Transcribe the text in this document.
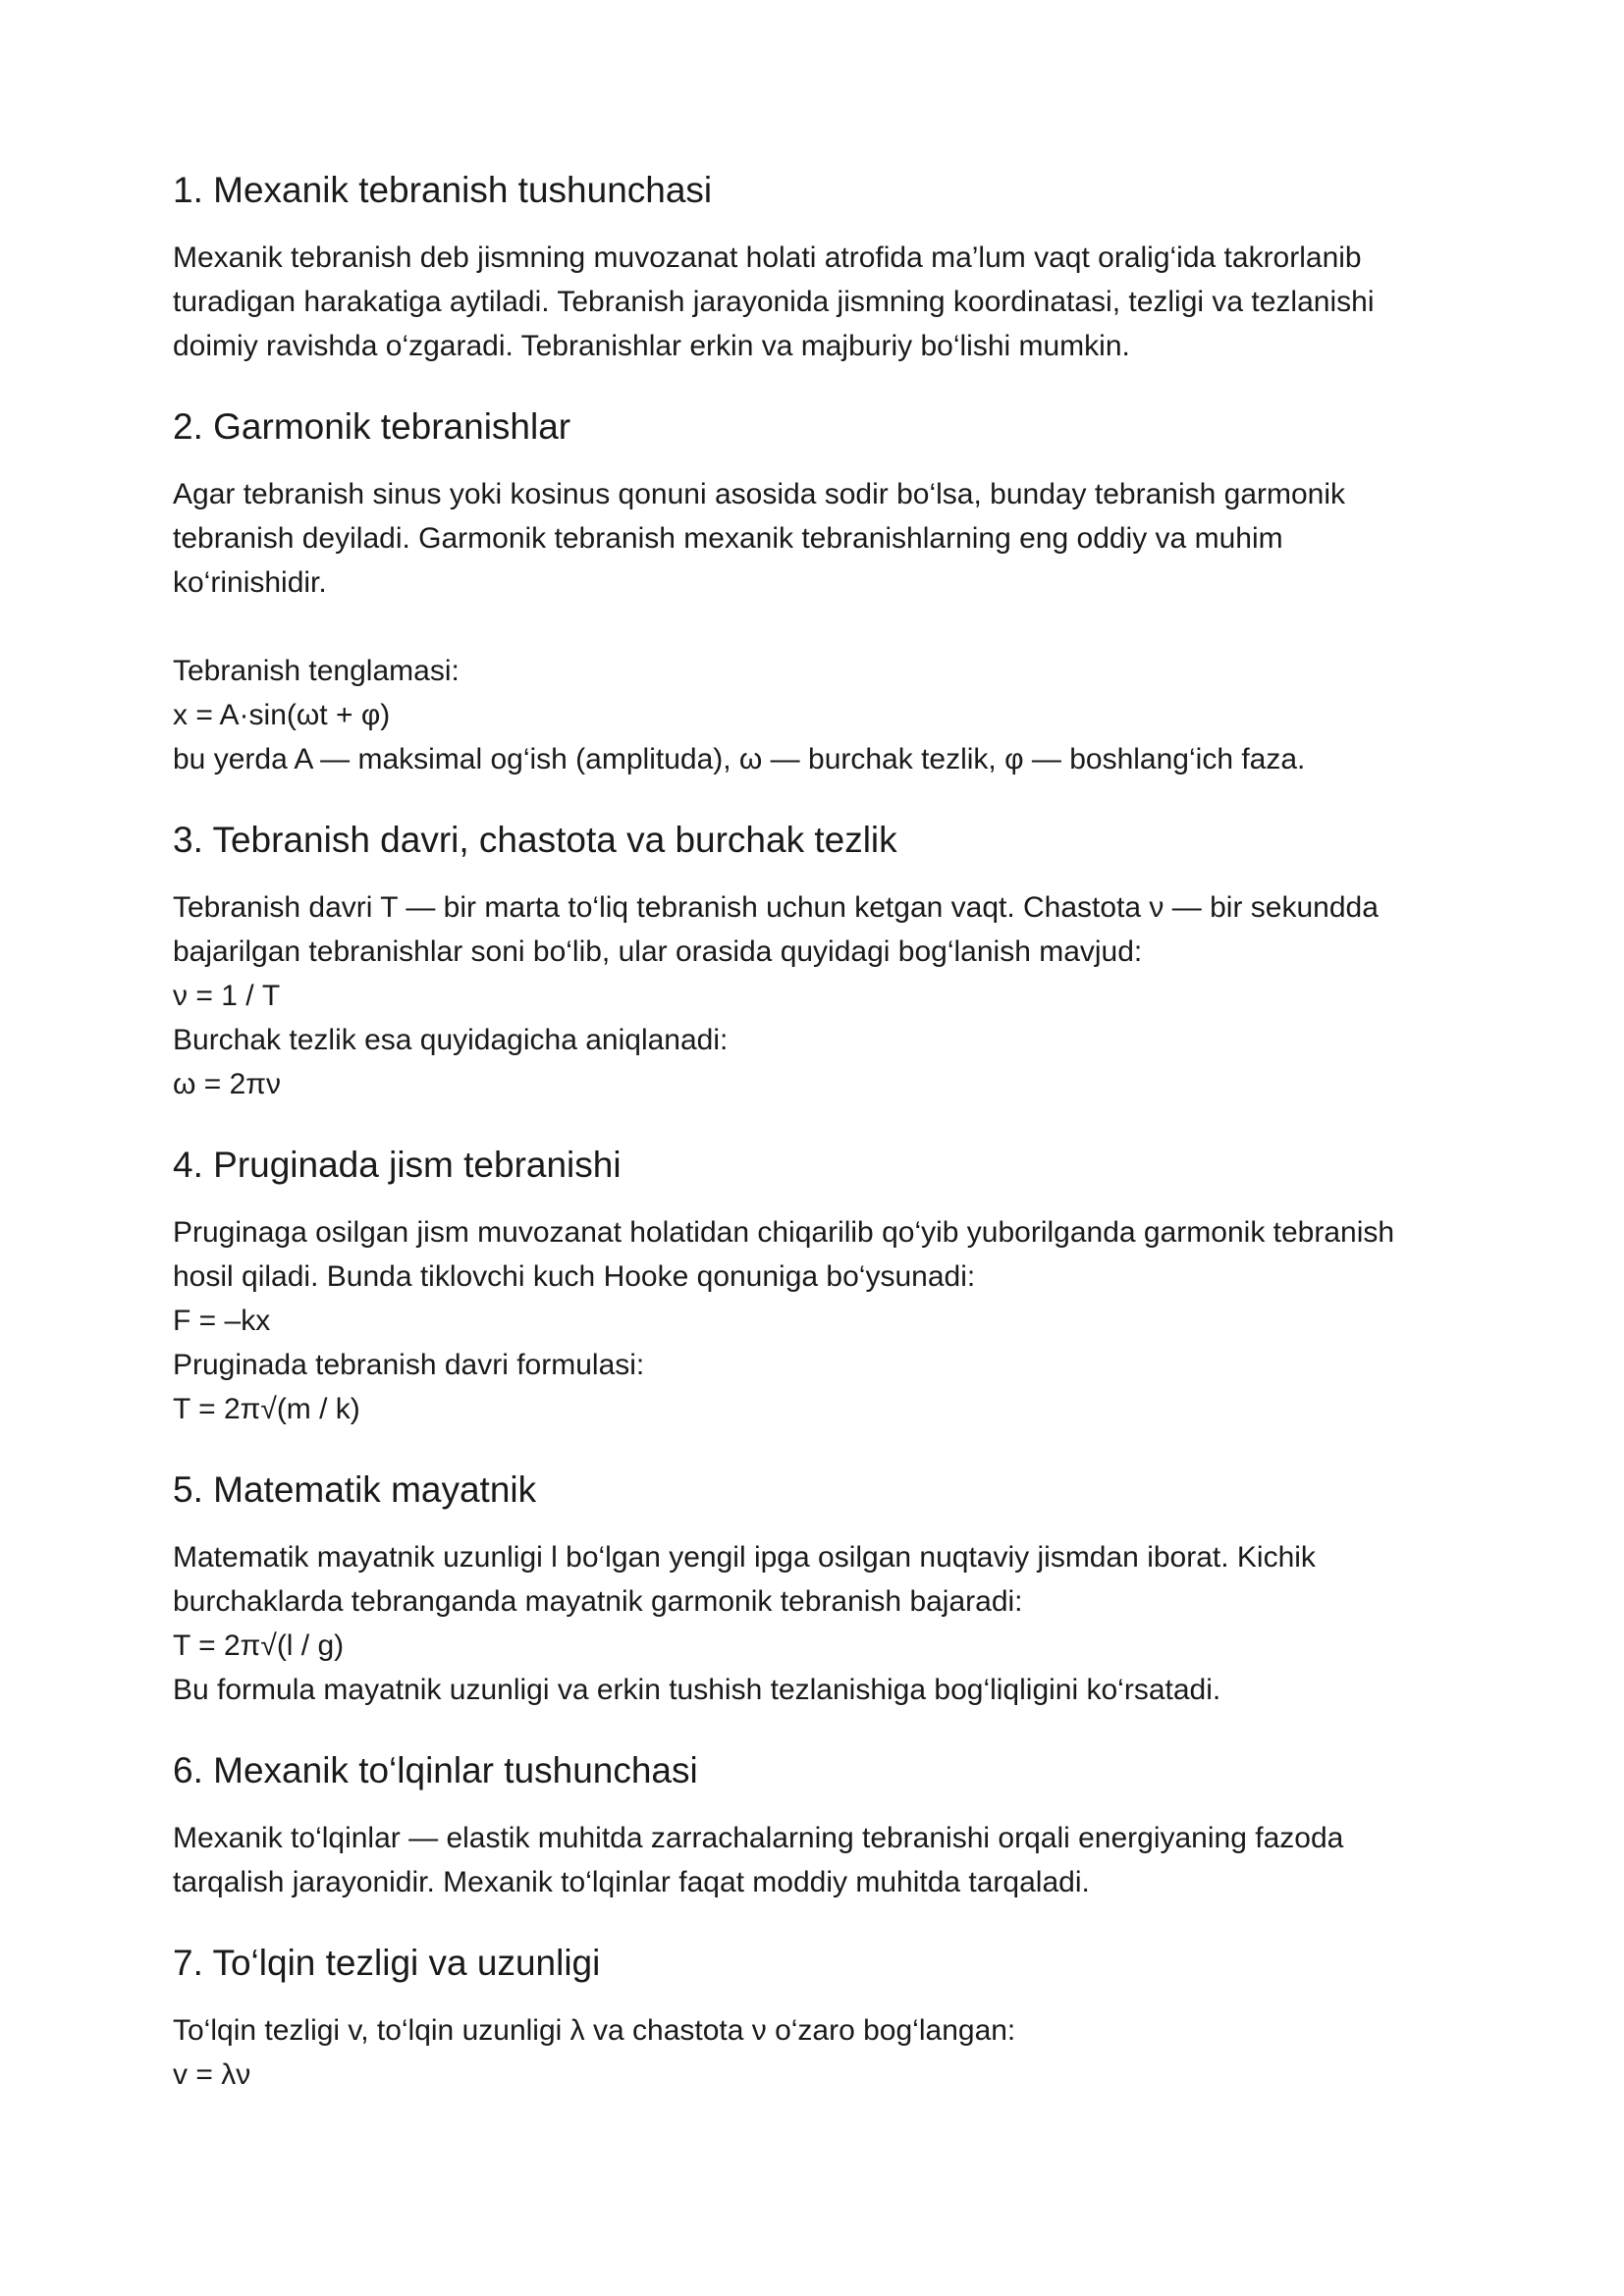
1. Mexanik tebranish tushunchasi
Mexanik tebranish deb jismning muvozanat holati atrofida ma’lum vaqt oralig‘ida takrorlanib
turadigan harakatiga aytiladi. Tebranish jarayonida jismning koordinatasi, tezligi va tezlanishi
doimiy ravishda o‘zgaradi. Tebranishlar erkin va majburiy bo‘lishi mumkin.
2. Garmonik tebranishlar
Agar tebranish sinus yoki kosinus qonuni asosida sodir bo‘lsa, bunday tebranish garmonik
tebranish deyiladi. Garmonik tebranish mexanik tebranishlarning eng oddiy va muhim
ko‘rinishidir.
Tebranish tenglamasi:
x = A·sin(ωt + φ)
bu yerda A — maksimal og‘ish (amplituda), ω — burchak tezlik, φ — boshlang‘ich faza.
3. Tebranish davri, chastota va burchak tezlik
Tebranish davri T — bir marta to‘liq tebranish uchun ketgan vaqt. Chastota ν — bir sekundda
bajarilgan tebranishlar soni bo‘lib, ular orasida quyidagi bog‘lanish mavjud:
ν = 1 / T
Burchak tezlik esa quyidagicha aniqlanadi:
ω = 2πν
4. Pruginada jism tebranishi
Pruginaga osilgan jism muvozanat holatidan chiqarilib qo‘yib yuborilganda garmonik tebranish
hosil qiladi. Bunda tiklovchi kuch Hooke qonuniga bo‘ysunadi:
F = –kx
Pruginada tebranish davri formulasi:
T = 2π√(m / k)
5. Matematik mayatnik
Matematik mayatnik uzunligi l bo‘lgan yengil ipga osilgan nuqtaviy jismdan iborat. Kichik
burchaklarda tebranganda mayatnik garmonik tebranish bajaradi:
T = 2π√(l / g)
Bu formula mayatnik uzunligi va erkin tushish tezlanishiga bog‘liqligini ko‘rsatadi.
6. Mexanik to‘lqinlar tushunchasi
Mexanik to‘lqinlar — elastik muhitda zarrachalarning tebranishi orqali energiyaning fazoda
tarqalish jarayonidir. Mexanik to‘lqinlar faqat moddiy muhitda tarqaladi.
7. To‘lqin tezligi va uzunligi
To‘lqin tezligi v, to‘lqin uzunligi λ va chastota ν o‘zaro bog‘langan:
v = λν
